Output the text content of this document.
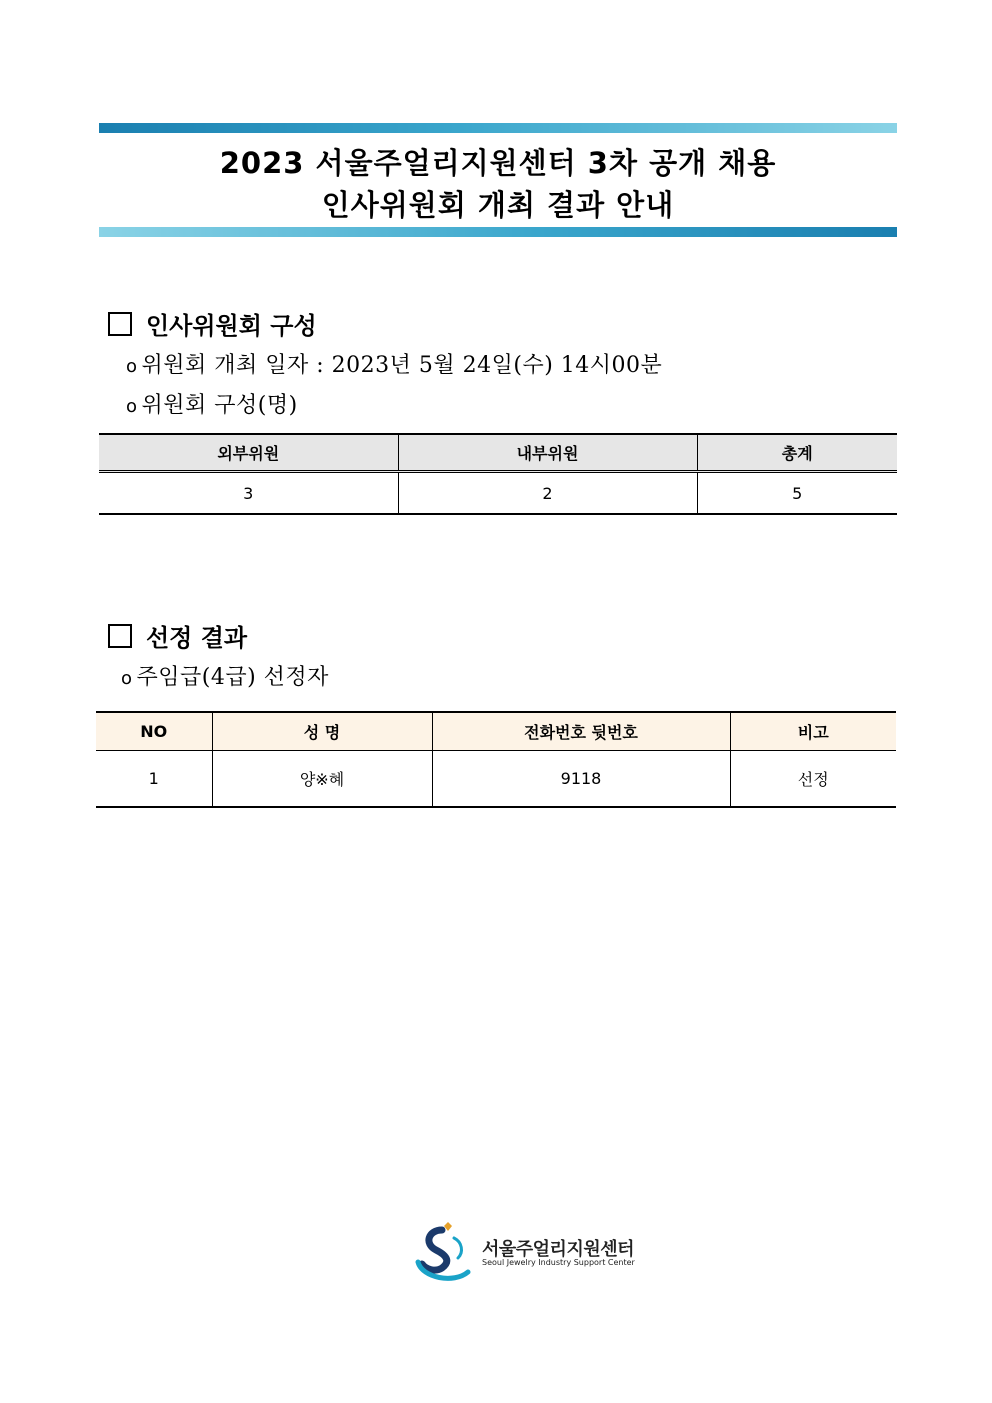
2023 서울주얼리지원센터 3차 공개 채용
인사위원회 개최 결과 안내
인사위원회 구성
o 위원회 개최 일자 : 2023년 5월 24일(수) 14시00분
o 위원회 구성(명)
외부위원	내부위원	총계
3	2	5
선정 결과
o 주임급(4급) 선정자
NO	성 명	전화번호 뒷번호	비고
1	양※혜	9118	선정
서울주얼리지원센터
Seoul Jewelry Industry Support Center
